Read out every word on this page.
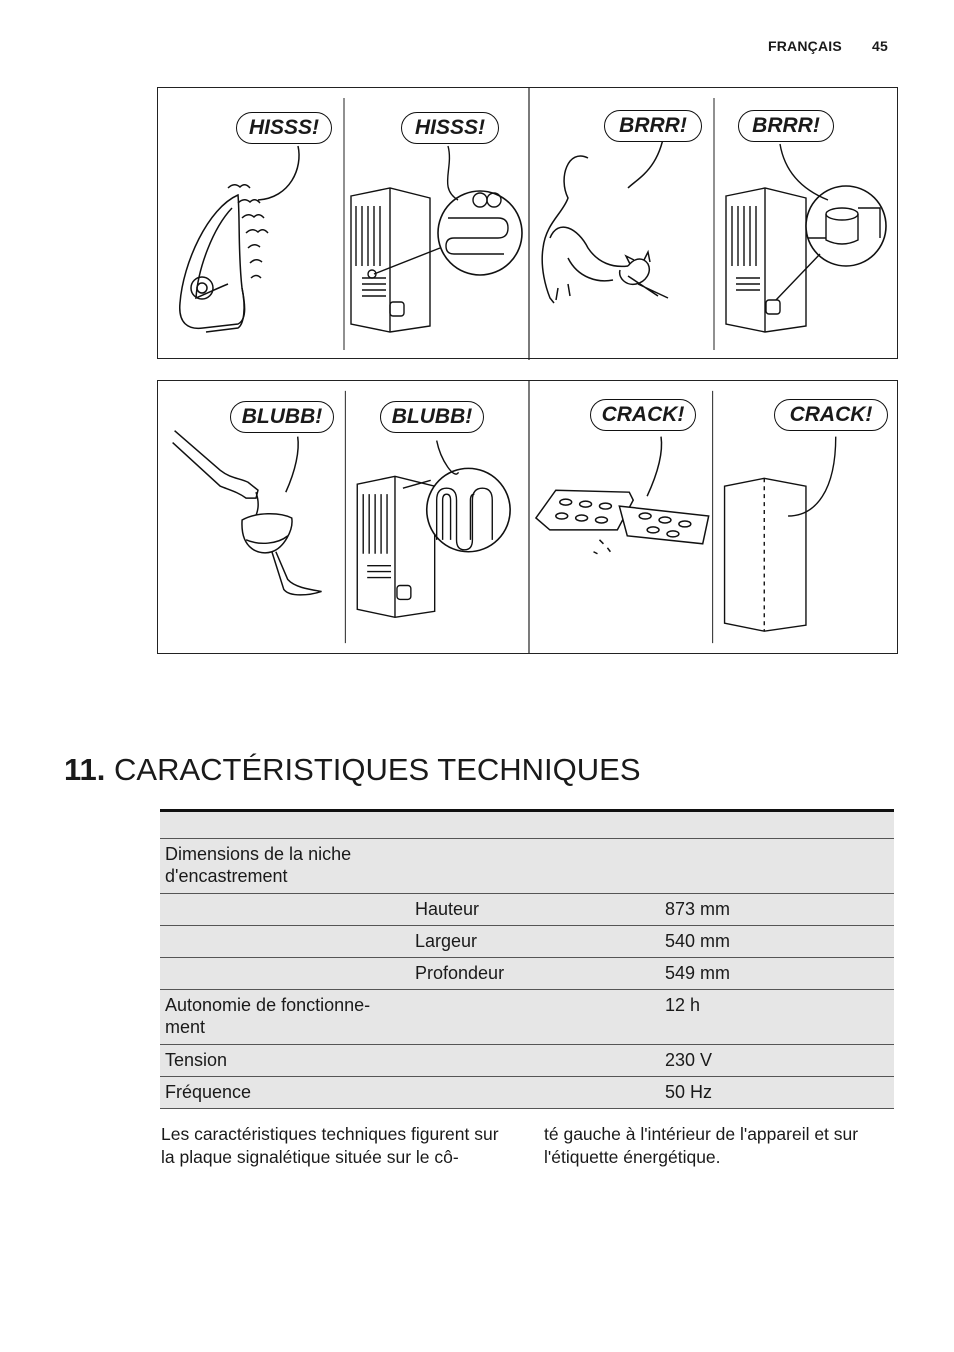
FRANÇAIS 45
HISSS!	HISSS!	BRRR!	BRRR!
BLUBB!	BLUBB!	CRACK!	CRACK!
11. CARACTÉRISTIQUES TECHNIQUES

Dimensions de la niche d'encastrement		
	Hauteur	873 mm
	Largeur	540 mm
	Profondeur	549 mm
Autonomie de fonctionne-ment		12 h
Tension		230 V
Fréquence		50 Hz
Les caractéristiques techniques figurent sur la plaque signalétique située sur le cô-
té gauche à l'intérieur de l'appareil et sur l'étiquette énergétique.
